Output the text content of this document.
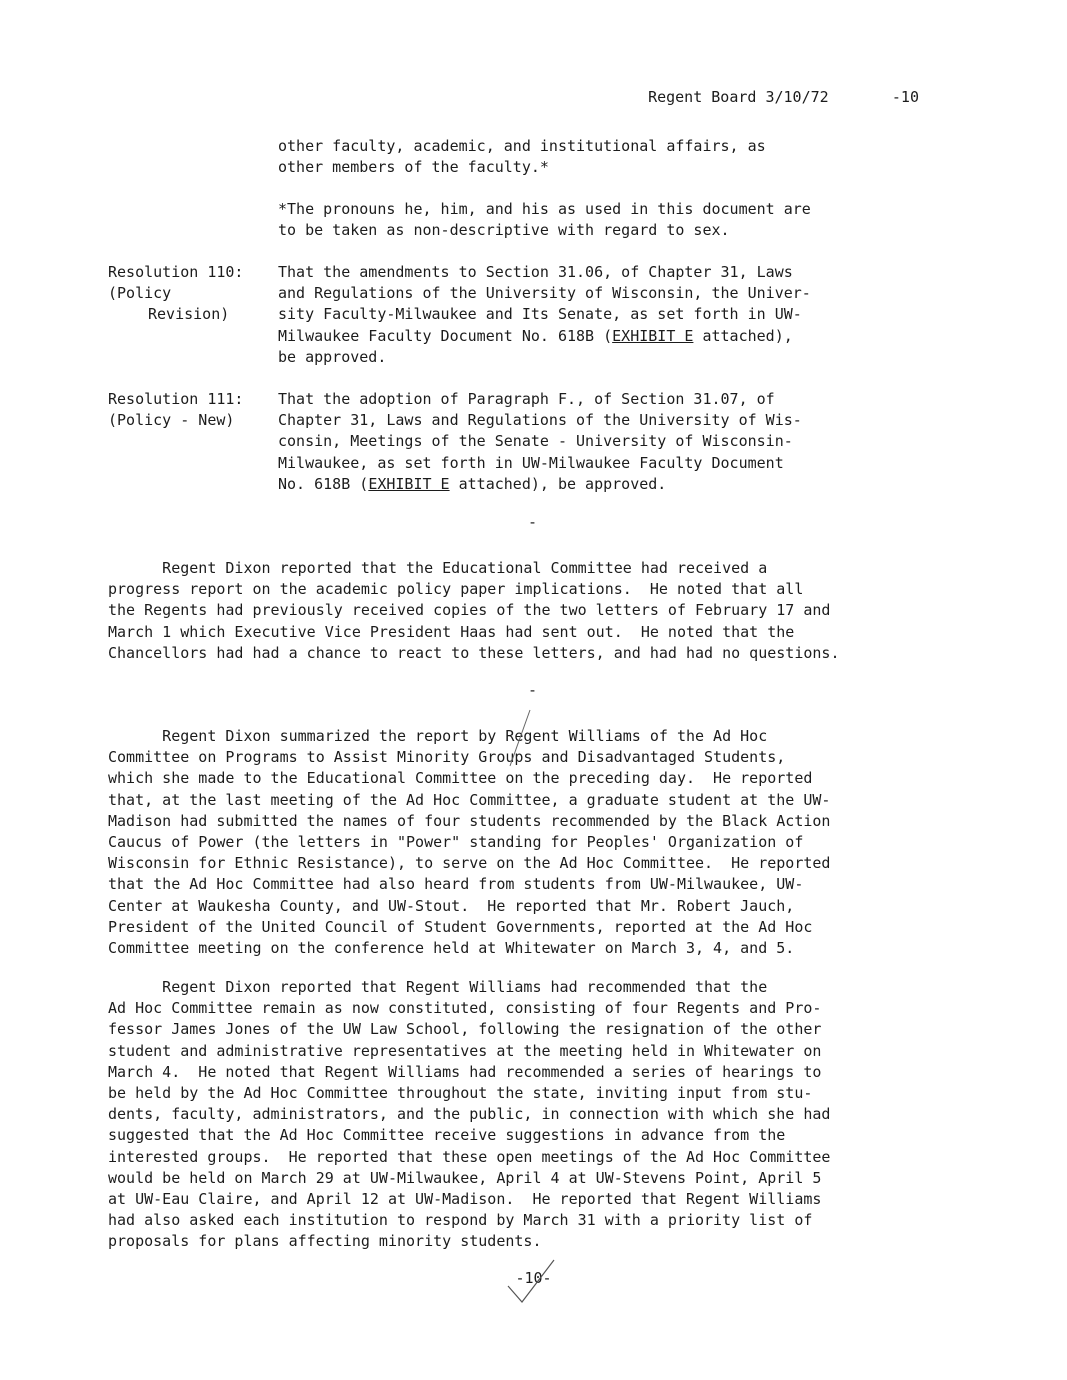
Regent Board 3/10/72	-10

other faculty, academic, and institutional affairs, as
other members of the faculty.*
*The pronouns he, him, and his as used in this document are
to be taken as non-descriptive with regard to sex.
Resolution 110:
(Policy
Revision)
That the amendments to Section 31.06, of Chapter 31, Laws
and Regulations of the University of Wisconsin, the Univer-
sity Faculty-Milwaukee and Its Senate, as set forth in UW-
Milwaukee Faculty Document No. 618B (EXHIBIT E attached),
be approved.
Resolution 111:
(Policy - New)
That the adoption of Paragraph F., of Section 31.07, of
Chapter 31, Laws and Regulations of the University of Wis-
consin, Meetings of the Senate - University of Wisconsin-
Milwaukee, as set forth in UW-Milwaukee Faculty Document
No. 618B (EXHIBIT E attached), be approved.
-
Regent Dixon reported that the Educational Committee had received a
progress report on the academic policy paper implications.  He noted that all
the Regents had previously received copies of the two letters of February 17 and
March 1 which Executive Vice President Haas had sent out.  He noted that the
Chancellors had had a chance to react to these letters, and had had no questions.
-
Regent Dixon summarized the report by Regent Williams of the Ad Hoc
Committee on Programs to Assist Minority Groups and Disadvantaged Students,
which she made to the Educational Committee on the preceding day.  He reported
that, at the last meeting of the Ad Hoc Committee, a graduate student at the UW-
Madison had submitted the names of four students recommended by the Black Action
Caucus of Power (the letters in "Power" standing for Peoples' Organization of
Wisconsin for Ethnic Resistance), to serve on the Ad Hoc Committee.  He reported
that the Ad Hoc Committee had also heard from students from UW-Milwaukee, UW-
Center at Waukesha County, and UW-Stout.  He reported that Mr. Robert Jauch,
President of the United Council of Student Governments, reported at the Ad Hoc
Committee meeting on the conference held at Whitewater on March 3, 4, and 5.
Regent Dixon reported that Regent Williams had recommended that the
Ad Hoc Committee remain as now constituted, consisting of four Regents and Pro-
fessor James Jones of the UW Law School, following the resignation of the other
student and administrative representatives at the meeting held in Whitewater on
March 4.  He noted that Regent Williams had recommended a series of hearings to
be held by the Ad Hoc Committee throughout the state, inviting input from stu-
dents, faculty, administrators, and the public, in connection with which she had
suggested that the Ad Hoc Committee receive suggestions in advance from the
interested groups.  He reported that these open meetings of the Ad Hoc Committee
would be held on March 29 at UW-Milwaukee, April 4 at UW-Stevens Point, April 5
at UW-Eau Claire, and April 12 at UW-Madison.  He reported that Regent Williams
had also asked each institution to respond by March 31 with a priority list of
proposals for plans affecting minority students.
-10-
